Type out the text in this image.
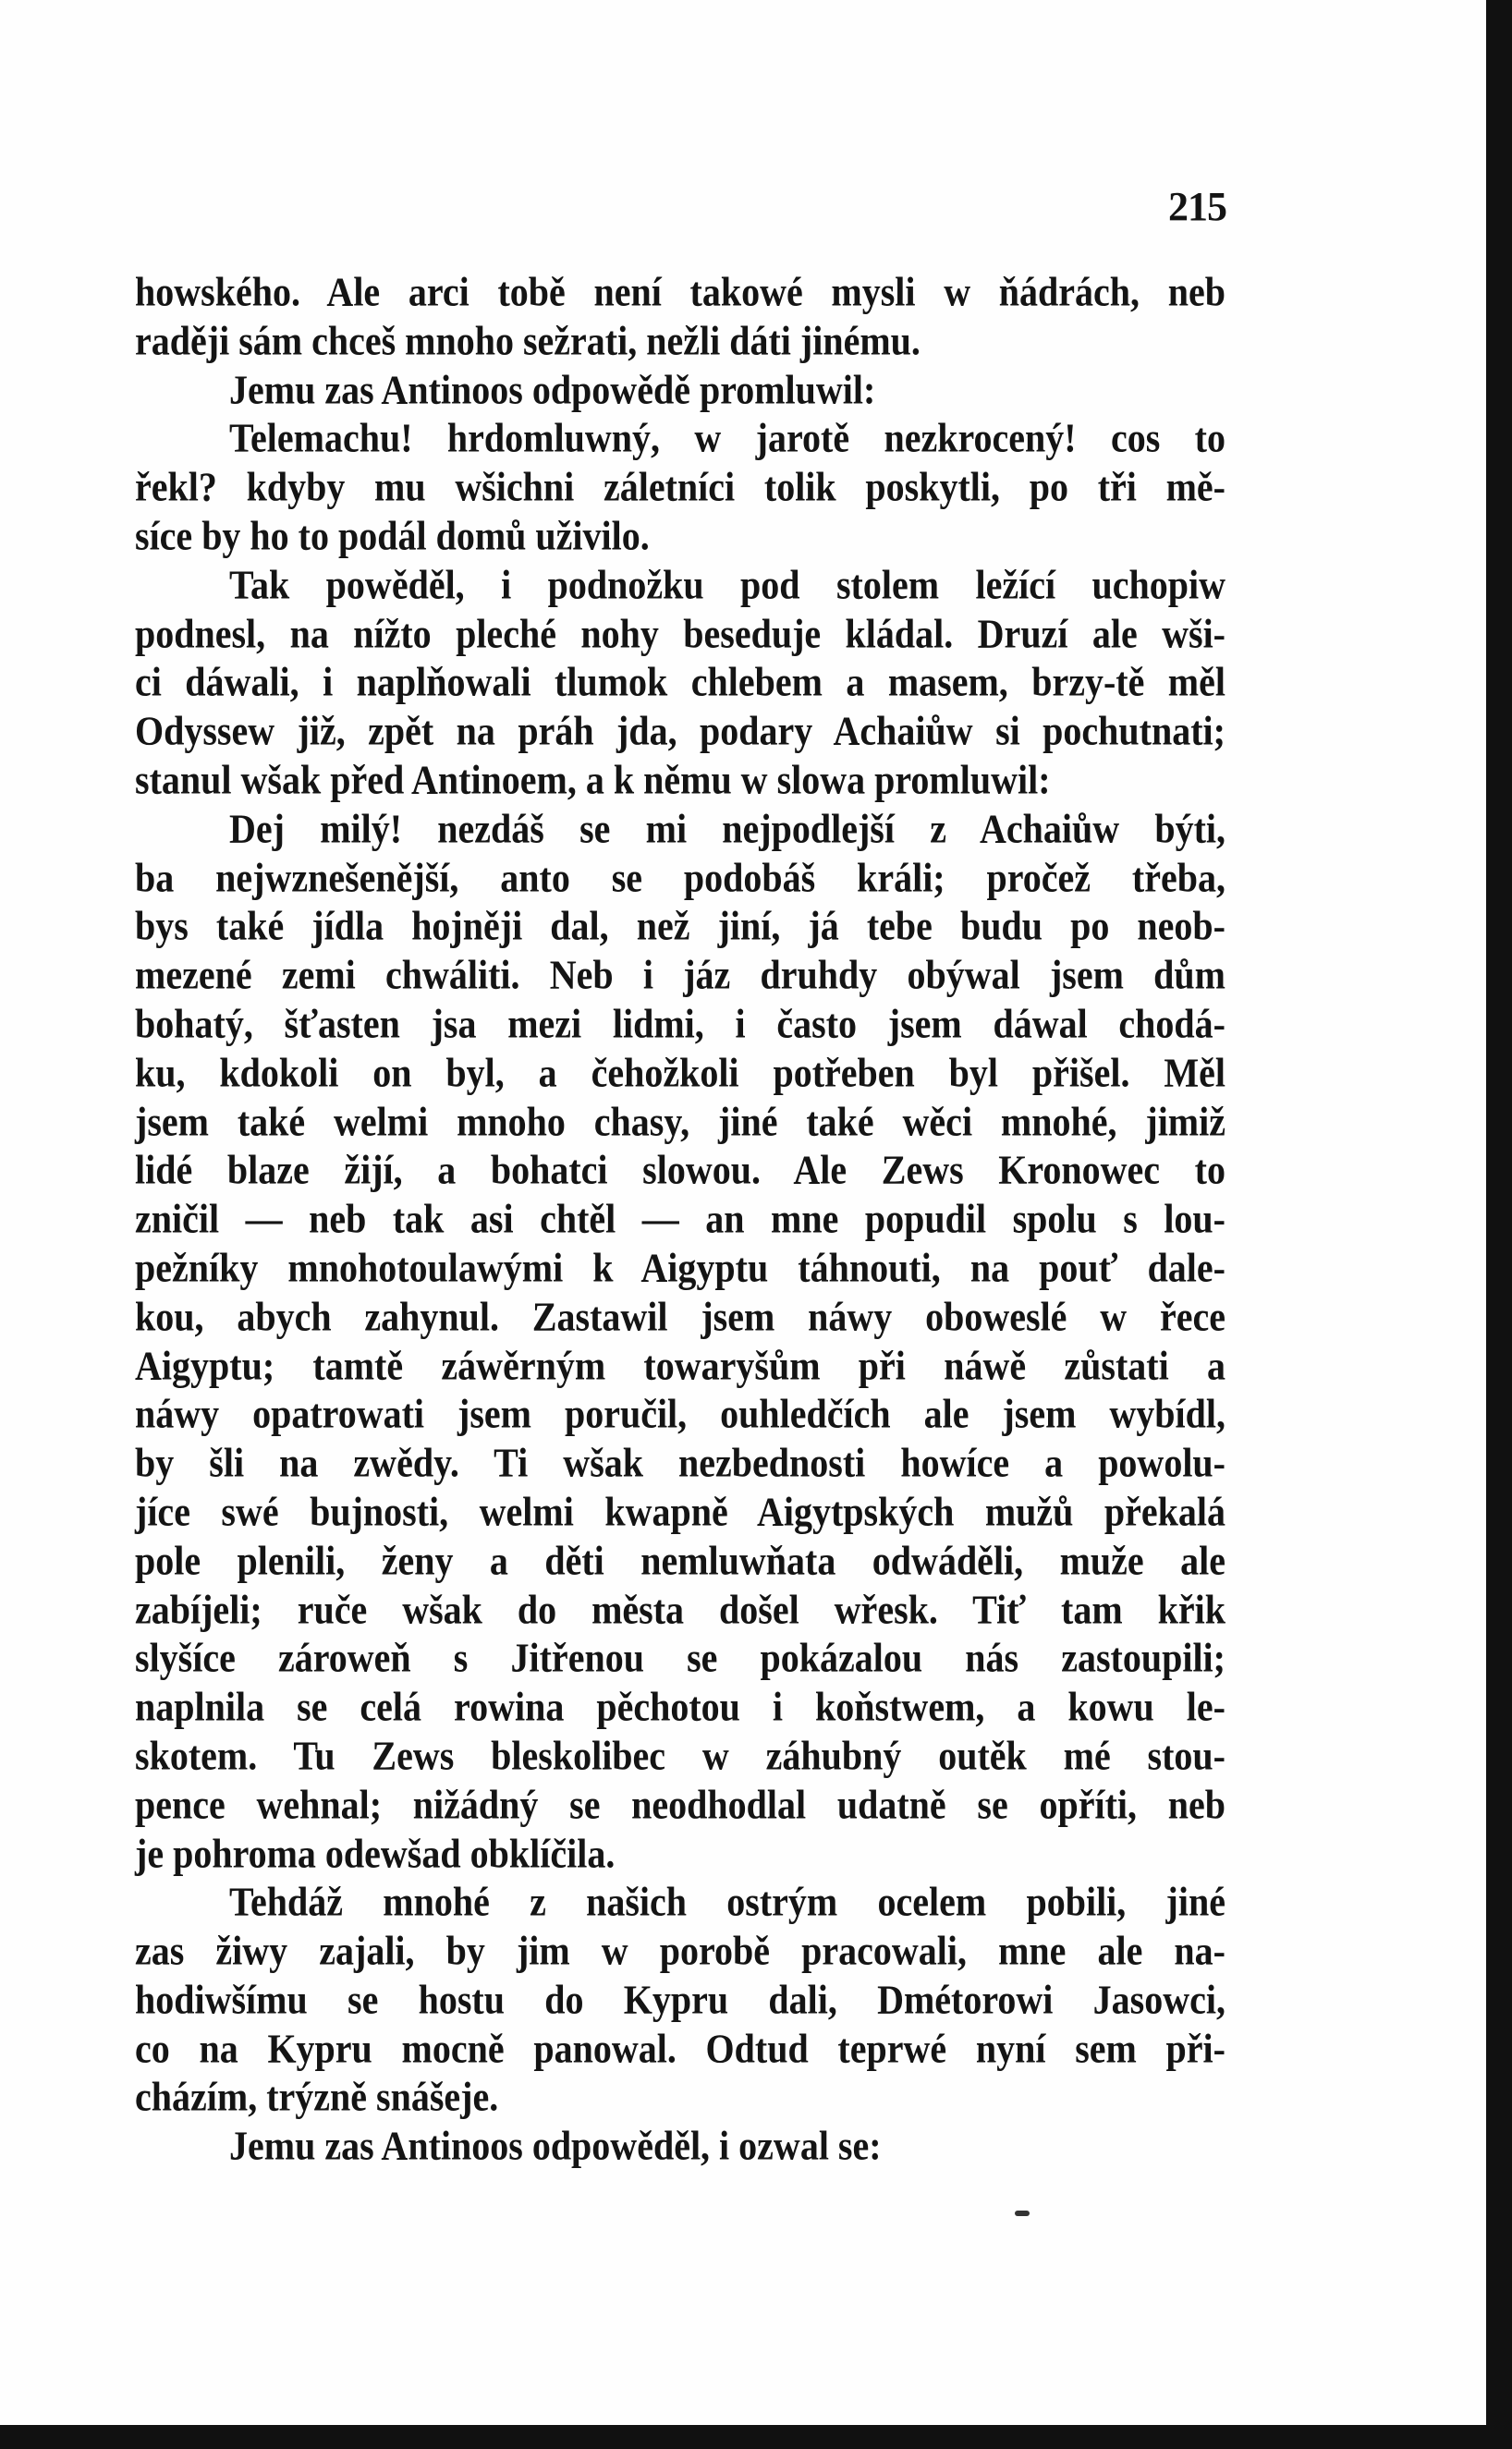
215
howského. Ale arci tobě není takowé mysli w ňádrách, neb
raději sám chceš mnoho sežrati, nežli dáti jinému.
Jemu zas Antinoos odpowědě promluwil:
Telemachu! hrdomluwný, w jarotě nezkrocený! cos to
řekl? kdyby mu wšichni záletníci tolik poskytli, po tři mě-
síce by ho to podál domů uživilo.
Tak powěděl, i podnožku pod stolem ležící uchopiw
podnesl, na nížto pleché nohy beseduje kládal. Druzí ale wši-
ci dáwali, i naplňowali tlumok chlebem a masem, brzy-tě měl
Odyssew již, zpět na práh jda, podary Achaiůw si pochutnati;
stanul wšak před Antinoem, a k němu w slowa promluwil:
Dej milý! nezdáš se mi nejpodlejší z Achaiůw býti,
ba nejwznešenější, anto se podobáš králi; pročež třeba,
bys také jídla hojněji dal, než jiní, já tebe budu po neob-
mezené zemi chwáliti. Neb i jáz druhdy obýwal jsem dům
bohatý, šťasten jsa mezi lidmi, i často jsem dáwal chodá-
ku, kdokoli on byl, a čehožkoli potřeben byl přišel. Měl
jsem také welmi mnoho chasy, jiné také wěci mnohé, jimiž
lidé blaze žijí, a bohatci slowou. Ale Zews Kronowec to
zničil — neb tak asi chtěl — an mne popudil spolu s lou-
pežníky mnohotoulawými k Aigyptu táhnouti, na pouť dale-
kou, abych zahynul. Zastawil jsem náwy oboweslé w řece
Aigyptu; tamtě záwěrným towaryšům při náwě zůstati a
náwy opatrowati jsem poručil, ouhledčích ale jsem wybídl,
by šli na zwědy. Ti wšak nezbednosti howíce a powolu-
jíce swé bujnosti, welmi kwapně Aigytpských mužů překalá
pole plenili, ženy a děti nemluwňata odwáděli, muže ale
zabíjeli; ruče wšak do města došel wřesk. Tiť tam křik
slyšíce zároweň s Jitřenou se pokázalou nás zastoupili;
naplnila se celá rowina pěchotou i koňstwem, a kowu le-
skotem. Tu Zews bleskolibec w záhubný outěk mé stou-
pence wehnal; nižádný se neodhodlal udatně se opříti, neb
je pohroma odewšad obklíčila.
Tehdáž mnohé z našich ostrým ocelem pobili, jiné
zas žiwy zajali, by jim w porobě pracowali, mne ale na-
hodiwšímu se hostu do Kypru dali, Dmétorowi Jasowci,
co na Kypru mocně panowal. Odtud teprwé nyní sem při-
cházím, trýzně snášeje.
Jemu zas Antinoos odpowěděl, i ozwal se:
